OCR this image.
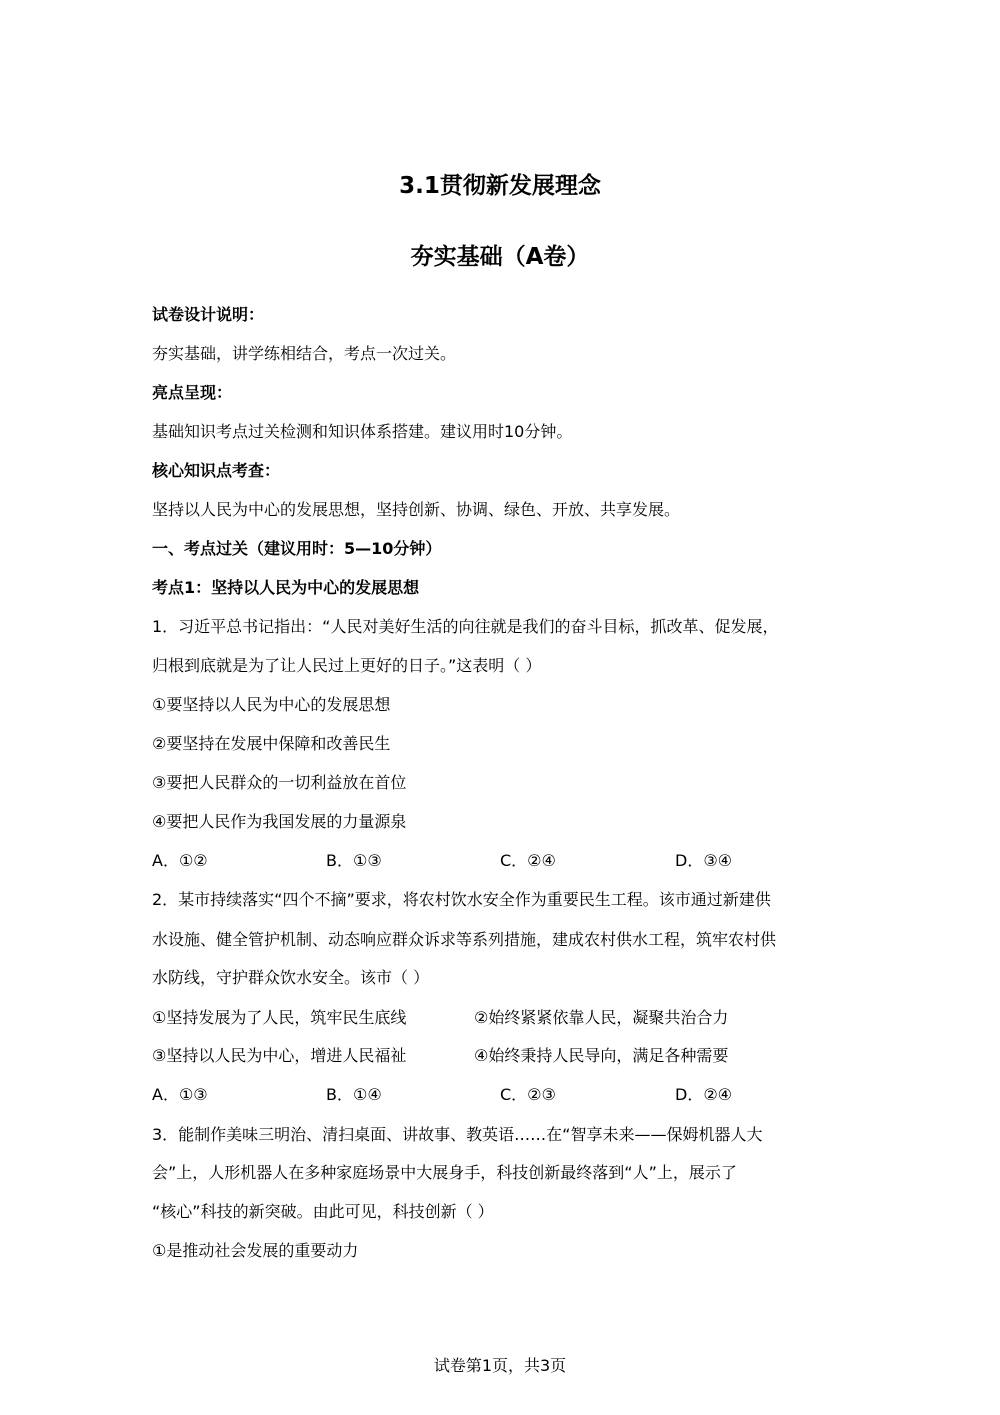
3.1贯彻新发展理念
夯实基础（A卷）
试卷设计说明：
夯实基础，讲学练相结合，考点一次过关。
亮点呈现：
基础知识考点过关检测和知识体系搭建。建议用时10分钟。
核心知识点考查：
坚持以人民为中心的发展思想，坚持创新、协调、绿色、开放、共享发展。
一、考点过关（建议用时：5—10分钟）
考点1：坚持以人民为中心的发展思想
1．习近平总书记指出：“人民对美好生活的向往就是我们的奋斗目标，抓改革、促发展，
归根到底就是为了让人民过上更好的日子。”这表明（ ）
①要坚持以人民为中心的发展思想
②要坚持在发展中保障和改善民生
③要把人民群众的一切利益放在首位
④要把人民作为我国发展的力量源泉
A．①②	B．①③	C．②④	D．③④
2．某市持续落实“四个不摘”要求，将农村饮水安全作为重要民生工程。该市通过新建供
水设施、健全管护机制、动态响应群众诉求等系列措施，建成农村供水工程，筑牢农村供
水防线，守护群众饮水安全。该市（ ）
①坚持发展为了人民，筑牢民生底线	②始终紧紧依靠人民，凝聚共治合力
③坚持以人民为中心，增进人民福祉	④始终秉持人民导向，满足各种需要
A．①③	B．①④	C．②③	D．②④
3．能制作美味三明治、清扫桌面、讲故事、教英语……在“智享未来——保姆机器人大
会”上，人形机器人在多种家庭场景中大展身手，科技创新最终落到“人”上，展示了
“核心”科技的新突破。由此可见，科技创新（ ）
①是推动社会发展的重要动力
试卷第1页，共3页
